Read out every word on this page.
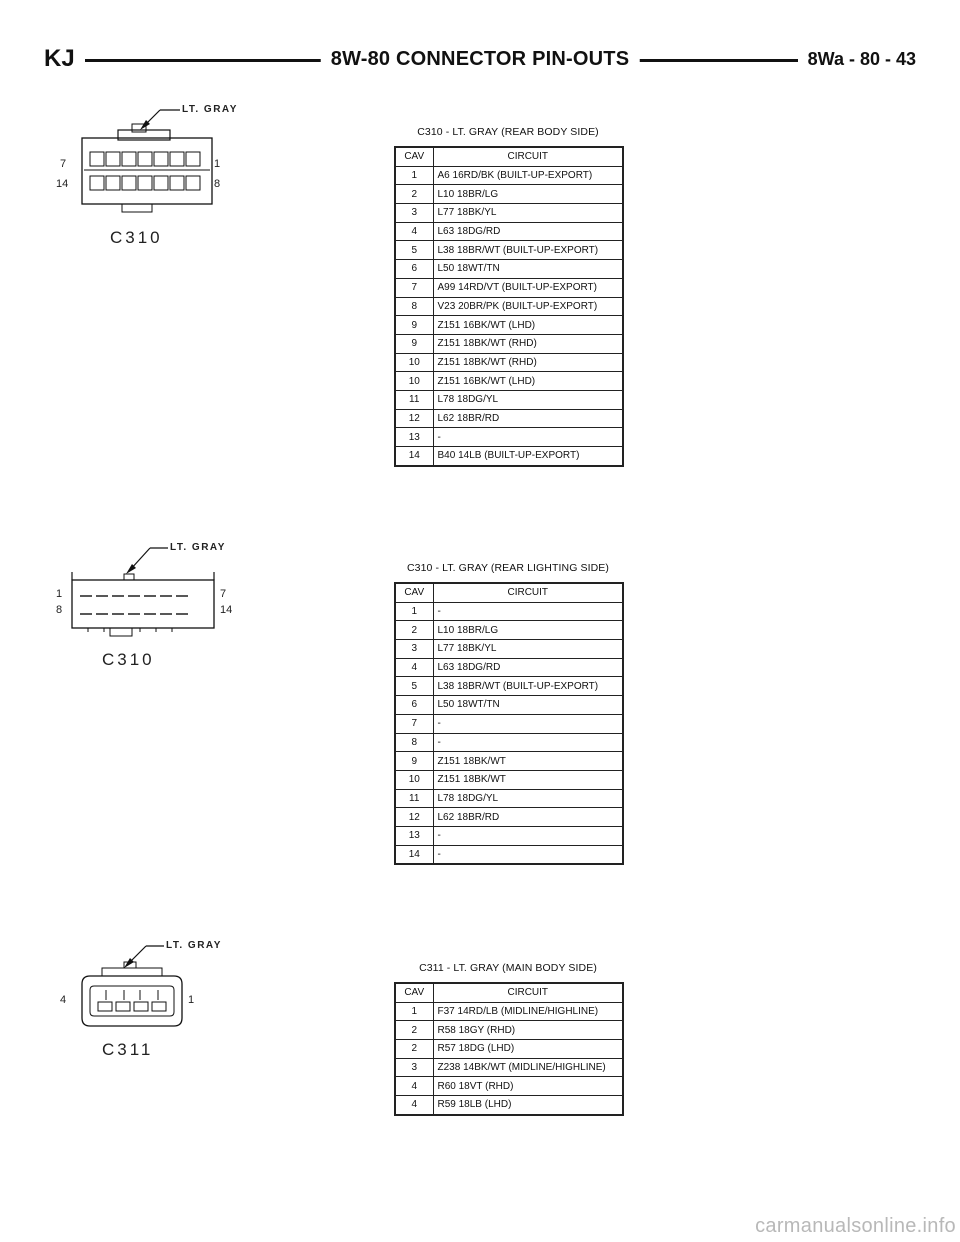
KJ	8W-80 CONNECTOR PIN-OUTS	8Wa - 80 - 43
LT. GRAY
7
14
1
8
C310
C310 - LT. GRAY (REAR BODY SIDE)
CAV	CIRCUIT
1	A6 16RD/BK (BUILT-UP-EXPORT)
2	L10 18BR/LG
3	L77 18BK/YL
4	L63 18DG/RD
5	L38 18BR/WT (BUILT-UP-EXPORT)
6	L50 18WT/TN
7	A99 14RD/VT (BUILT-UP-EXPORT)
8	V23 20BR/PK (BUILT-UP-EXPORT)
9	Z151 16BK/WT (LHD)
9	Z151 18BK/WT (RHD)
10	Z151 18BK/WT (RHD)
10	Z151 16BK/WT (LHD)
11	L78 18DG/YL
12	L62 18BR/RD
13	-
14	B40 14LB (BUILT-UP-EXPORT)
LT. GRAY
1
8
7
14
C310
C310 - LT. GRAY (REAR LIGHTING SIDE)
CAV	CIRCUIT
1	-
2	L10 18BR/LG
3	L77 18BK/YL
4	L63 18DG/RD
5	L38 18BR/WT (BUILT-UP-EXPORT)
6	L50 18WT/TN
7	-
8	-
9	Z151 18BK/WT
10	Z151 18BK/WT
11	L78 18DG/YL
12	L62 18BR/RD
13	-
14	-
LT. GRAY
4	1
C311
C311 - LT. GRAY (MAIN BODY SIDE)
CAV	CIRCUIT
1	F37 14RD/LB (MIDLINE/HIGHLINE)
2	R58 18GY (RHD)
2	R57 18DG (LHD)
3	Z238 14BK/WT (MIDLINE/HIGHLINE)
4	R60 18VT (RHD)
4	R59 18LB (LHD)
carmanualsonline.info
